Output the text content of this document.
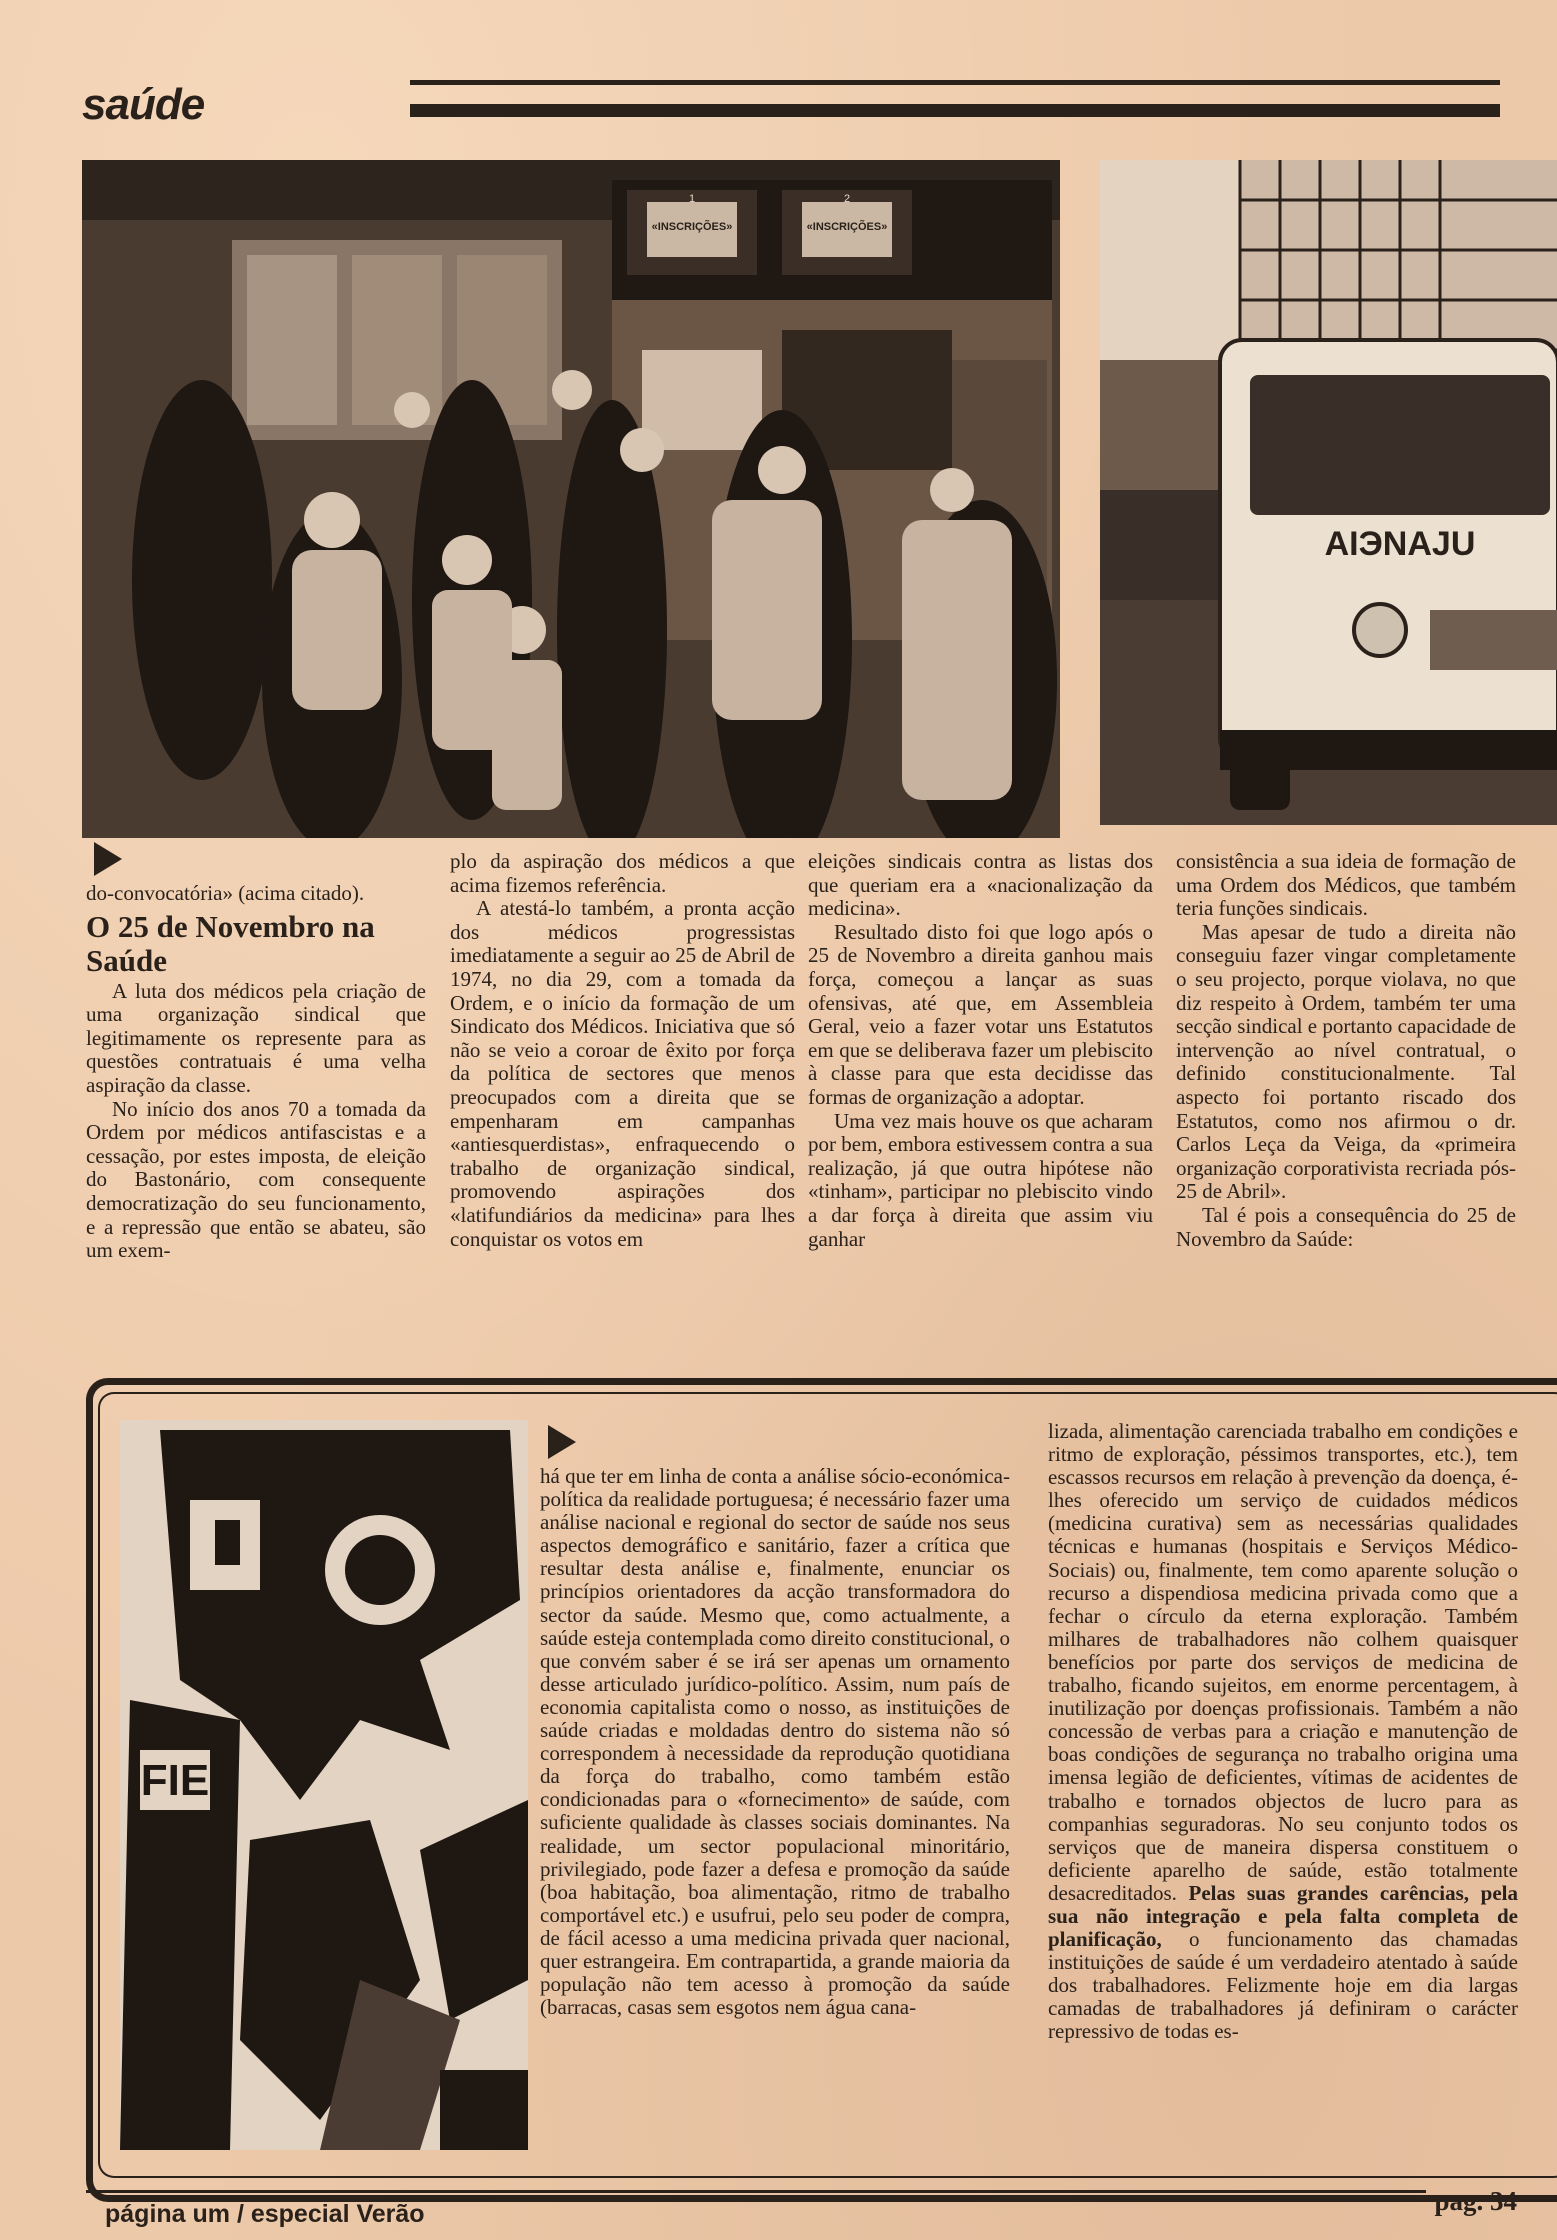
saúde
1
«INSCRIÇÕES»
2
«INSCRIÇÕES»
AIЭNAJU

do-convocatória» (acima citado).

O 25 de Novembro na Saúde

A luta dos médicos pela criação de uma organização sindical que legitimamente os represente para as questões contratuais é uma velha aspiração da classe.

No início dos anos 70 a tomada da Ordem por médicos antifascistas e a cessação, por estes imposta, de eleição do Bastonário, com consequente democratização do seu funcionamento, e a repressão que então se abateu, são um exem-

plo da aspiração dos médicos a que acima fizemos referência.

A atestá-lo também, a pronta acção dos médicos progressistas imediatamente a seguir ao 25 de Abril de 1974, no dia 29, com a tomada da Ordem, e o início da formação de um Sindicato dos Médicos. Iniciativa que só não se veio a coroar de êxito por força da política de sectores que menos preocupados com a direita que se empenharam em campanhas «antiesquerdistas», enfraquecendo o trabalho de organização sindical, promovendo aspirações dos «latifundiários da medicina» para lhes conquistar os votos em

eleições sindicais contra as listas dos que queriam era a «nacionalização da medicina».

Resultado disto foi que logo após o 25 de Novembro a direita ganhou mais força, começou a lançar as suas ofensivas, até que, em Assembleia Geral, veio a fazer votar uns Estatutos em que se deliberava fazer um plebiscito à classe para que esta decidisse das formas de organização a adoptar.

Uma vez mais houve os que acharam por bem, embora estivessem contra a sua realização, já que outra hipótese não «tinham», participar no plebiscito vindo a dar força à direita que assim viu ganhar

consistência a sua ideia de formação de uma Ordem dos Médicos, que também teria funções sindicais.

Mas apesar de tudo a direita não conseguiu fazer vingar completamente o seu projecto, porque violava, no que diz respeito à Ordem, também ter uma secção sindical e portanto capacidade de intervenção ao nível contratual, o definido constitucionalmente. Tal aspecto foi portanto riscado dos Estatutos, como nos afirmou o dr. Carlos Leça da Veiga, da «primeira organização corporativista recriada pós-25 de Abril».

Tal é pois a consequência do 25 de Novembro da Saúde:

FIE

há que ter em linha de conta a análise sócio-económica-política da realidade portuguesa; é necessário fazer uma análise nacional e regional do sector de saúde nos seus aspectos demográfico e sanitário, fazer a crítica que resultar desta análise e, finalmente, enunciar os princípios orientadores da acção transformadora do sector da saúde. Mesmo que, como actualmente, a saúde esteja contemplada como direito constitucional, o que convém saber é se irá ser apenas um ornamento desse articulado jurídico-político. Assim, num país de economia capitalista como o nosso, as instituições de saúde criadas e moldadas dentro do sistema não só correspondem à necessidade da reprodução quotidiana da força do trabalho, como também estão condicionadas para o «fornecimento» de saúde, com suficiente qualidade às classes sociais dominantes. Na realidade, um sector populacional minoritário, privilegiado, pode fazer a defesa e promoção da saúde (boa habitação, boa alimentação, ritmo de trabalho comportável etc.) e usufrui, pelo seu poder de compra, de fácil acesso a uma medicina privada quer nacional, quer estrangeira. Em contrapartida, a grande maioria da população não tem acesso à promoção da saúde (barracas, casas sem esgotos nem água cana-

lizada, alimentação carenciada trabalho em condições e ritmo de exploração, péssimos transportes, etc.), tem escassos recursos em relação à prevenção da doença, é-lhes oferecido um serviço de cuidados médicos (medicina curativa) sem as necessárias qualidades técnicas e humanas (hospitais e Serviços Médico-Sociais) ou, finalmente, tem como aparente solução o recurso a dispendiosa medicina privada como que a fechar o círculo da eterna exploração. Também milhares de trabalhadores não colhem quaisquer benefícios por parte dos serviços de medicina de trabalho, ficando sujeitos, em enorme percentagem, à inutilização por doenças profissionais. Também a não concessão de verbas para a criação e manutenção de boas condições de segurança no trabalho origina uma imensa legião de deficientes, vítimas de acidentes de trabalho e tornados objectos de lucro para as companhias seguradoras. No seu conjunto todos os serviços que de maneira dispersa constituem o deficiente aparelho de saúde, estão totalmente desacreditados. Pelas suas grandes carências, pela sua não integração e pela falta completa de planificação, o funcionamento das chamadas instituições de saúde é um verdadeiro atentado à saúde dos trabalhadores. Felizmente hoje em dia largas camadas de trabalhadores já definiram o carácter repressivo de todas es-

página um / especial Verão	pag. 34
